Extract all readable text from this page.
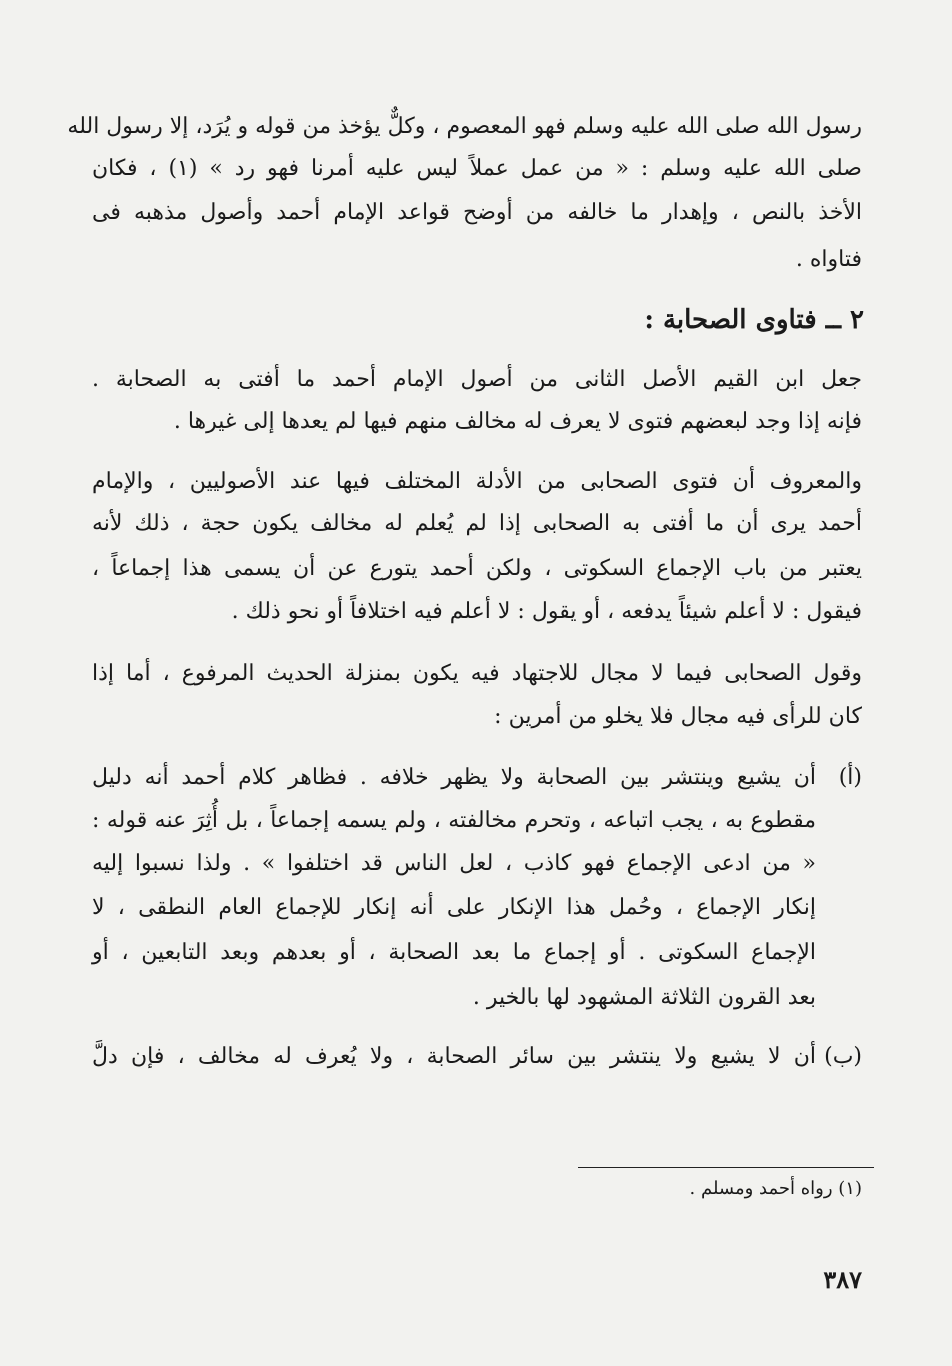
رسول الله صلى الله عليه وسلم فهو المعصوم ، وكلٌّ يؤخذ من قوله و يُرَد، إلا رسول الله
صلى الله عليه وسلم : « من عمل عملاً ليس عليه أمرنا فهو رد » (١) ، فكان
الأخذ بالنص ، وإهدار ما خالفه من أوضح قواعد الإمام أحمد وأصول مذهبه فى
فتاواه .
٢ ــ فتاوى الصحابة :
جعل ابن القيم الأصل الثانى من أصول الإمام أحمد ما أفتى به الصحابة .
فإنه إذا وجد لبعضهم فتوى لا يعرف له مخالف منهم فيها لم يعدها إلى غيرها .
والمعروف أن فتوى الصحابى من الأدلة المختلف فيها عند الأصوليين ، والإمام
أحمد يرى أن ما أفتى به الصحابى إذا لم يُعلم له مخالف يكون حجة ، ذلك لأنه
يعتبر من باب الإجماع السكوتى ، ولكن أحمد يتورع عن أن يسمى هذا إجماعاً ،
فيقول : لا أعلم شيئاً يدفعه ، أو يقول : لا أعلم فيه اختلافاً أو نحو ذلك .
وقول الصحابى فيما لا مجال للاجتهاد فيه يكون بمنزلة الحديث المرفوع ، أما إذا
كان للرأى فيه مجال فلا يخلو من أمرين :
(أ)
أن يشيع وينتشر بين الصحابة ولا يظهر خلافه . فظاهر كلام أحمد أنه دليل
مقطوع به ، يجب اتباعه ، وتحرم مخالفته ، ولم يسمه إجماعاً ، بل أُثِرَ عنه قوله :
« من ادعى الإجماع فهو كاذب ، لعل الناس قد اختلفوا » . ولذا نسبوا إليه
إنكار الإجماع ، وحُمل هذا الإنكار على أنه إنكار للإجماع العام النطقى ، لا
الإجماع السكوتى . أو إجماع ما بعد الصحابة ، أو بعدهم وبعد التابعين ، أو
بعد القرون الثلاثة المشهود لها بالخير .
(ب)
أن لا يشيع ولا ينتشر بين سائر الصحابة ، ولا يُعرف له مخالف ، فإن دلَّ
(١) رواه أحمد ومسلم .
٣٨٧
